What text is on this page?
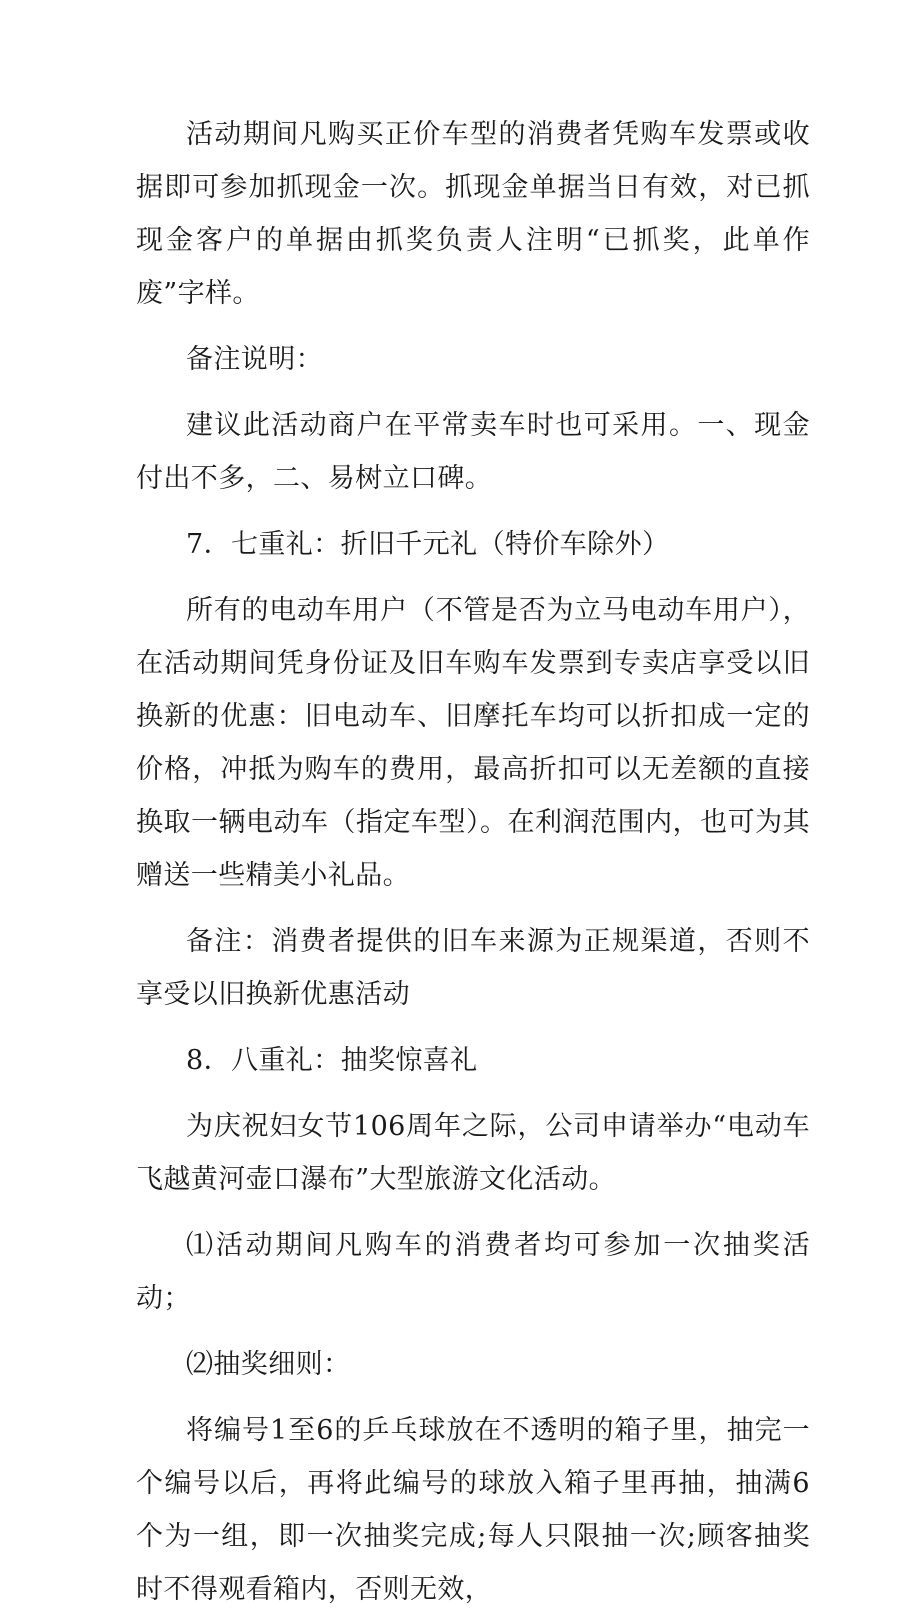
活动期间凡购买正价车型的消费者凭购车发票或收据即可参加抓现金一次。抓现金单据当日有效，对已抓现金客户的单据由抓奖负责人注明“已抓奖，此单作废”字样。

备注说明：

建议此活动商户在平常卖车时也可采用。一、现金付出不多，二、易树立口碑。

7．七重礼：折旧千元礼（特价车除外）

所有的电动车用户（不管是否为立马电动车用户），在活动期间凭身份证及旧车购车发票到专卖店享受以旧换新的优惠：旧电动车、旧摩托车均可以折扣成一定的价格，冲抵为购车的费用，最高折扣可以无差额的直接换取一辆电动车（指定车型）。在利润范围内，也可为其赠送一些精美小礼品。

备注：消费者提供的旧车来源为正规渠道，否则不享受以旧换新优惠活动

8．八重礼：抽奖惊喜礼

为庆祝妇女节106周年之际，公司申请举办“电动车飞越黄河壶口瀑布”大型旅游文化活动。

⑴活动期间凡购车的消费者均可参加一次抽奖活动；

⑵抽奖细则：

将编号1至6的乒乓球放在不透明的箱子里，抽完一个编号以后，再将此编号的球放入箱子里再抽，抽满6个为一组，即一次抽奖完成;每人只限抽一次;顾客抽奖时不得观看箱内，否则无效，
